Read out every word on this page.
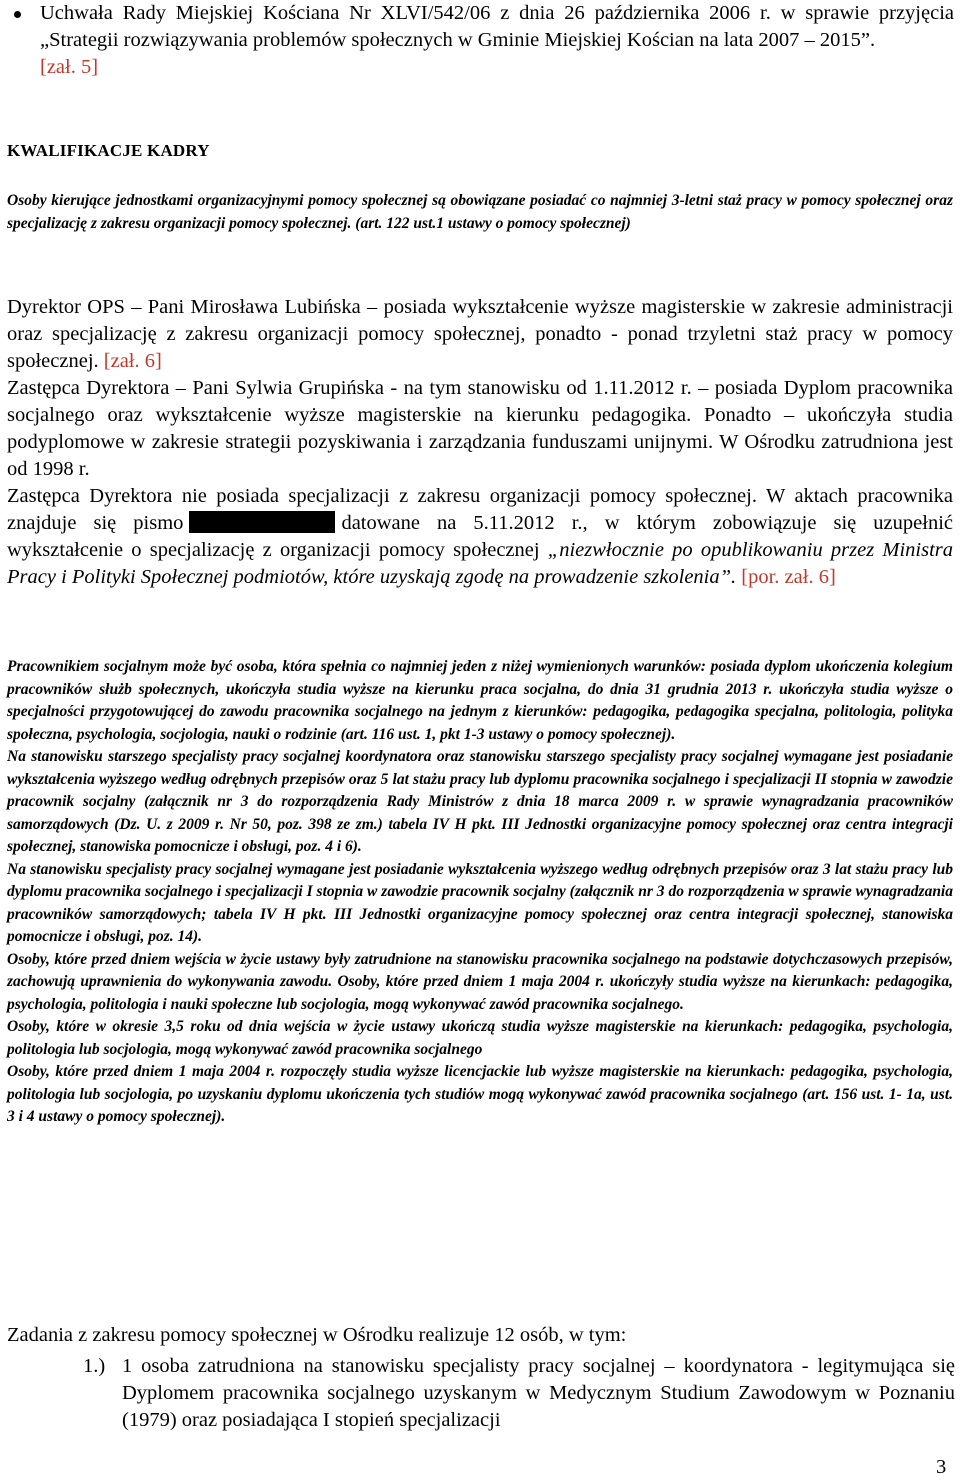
Uchwała Rady Miejskiej Kościana Nr XLVI/542/06 z dnia 26 października 2006 r. w sprawie przyjęcia „Strategii rozwiązywania problemów społecznych w Gminie Miejskiej Kościan na lata 2007 – 2015”.
[zał. 5]
KWALIFIKACJE KADRY
Osoby kierujące jednostkami organizacyjnymi pomocy społecznej są obowiązane posiadać co najmniej 3-letni staż pracy w pomocy społecznej oraz specjalizację z zakresu organizacji pomocy społecznej. (art. 122 ust.1 ustawy o pomocy społecznej)
Dyrektor OPS – Pani Mirosława Lubińska – posiada wykształcenie wyższe magisterskie w zakresie administracji oraz specjalizację z zakresu organizacji pomocy społecznej, ponadto - ponad trzyletni staż pracy w pomocy społecznej. [zał. 6]
Zastępca Dyrektora – Pani Sylwia Grupińska - na tym stanowisku od 1.11.2012 r. – posiada Dyplom pracownika socjalnego oraz wykształcenie wyższe magisterskie na kierunku pedagogika. Ponadto – ukończyła studia podyplomowe w zakresie strategii pozyskiwania i zarządzania funduszami unijnymi. W Ośrodku zatrudniona jest od 1998 r.
Zastępca Dyrektora nie posiada specjalizacji z zakresu organizacji pomocy społecznej. W aktach pracownika znajduje się pismo	datowane na 5.11.2012 r., w którym zobowiązuje się uzupełnić wykształcenie o specjalizację z organizacji pomocy społecznej „niezwłocznie po opublikowaniu przez Ministra Pracy i Polityki Społecznej podmiotów, które uzyskają zgodę na prowadzenie szkolenia”. [por. zał. 6]
Pracownikiem socjalnym może być osoba, która spełnia co najmniej jeden z niżej wymienionych warunków: posiada dyplom ukończenia kolegium pracowników służb społecznych, ukończyła studia wyższe na kierunku praca socjalna, do dnia 31 grudnia 2013 r. ukończyła studia wyższe o specjalności przygotowującej do zawodu pracownika socjalnego na jednym z kierunków: pedagogika, pedagogika specjalna, politologia, polityka społeczna, psychologia, socjologia, nauki o rodzinie (art. 116 ust. 1, pkt 1-3 ustawy o pomocy społecznej).
Na stanowisku starszego specjalisty pracy socjalnej koordynatora oraz stanowisku starszego specjalisty pracy socjalnej wymagane jest posiadanie wykształcenia wyższego według odrębnych przepisów oraz 5 lat stażu pracy lub dyplomu pracownika socjalnego i specjalizacji II stopnia w zawodzie pracownik socjalny (załącznik nr 3 do rozporządzenia Rady Ministrów z dnia 18 marca 2009 r. w sprawie wynagradzania pracowników samorządowych (Dz. U. z 2009 r. Nr 50, poz. 398 ze zm.) tabela IV H pkt. III Jednostki organizacyjne pomocy społecznej oraz centra integracji społecznej, stanowiska pomocnicze i obsługi, poz. 4 i 6).
Na stanowisku specjalisty pracy socjalnej wymagane jest posiadanie wykształcenia wyższego według odrębnych przepisów oraz 3 lat stażu pracy lub dyplomu pracownika socjalnego i specjalizacji I stopnia w zawodzie pracownik socjalny (załącznik nr 3 do rozporządzenia w sprawie wynagradzania pracowników samorządowych; tabela IV H pkt. III Jednostki organizacyjne pomocy społecznej oraz centra integracji społecznej, stanowiska pomocnicze i obsługi, poz. 14).
Osoby, które przed dniem wejścia w życie ustawy były zatrudnione na stanowisku pracownika socjalnego na podstawie dotychczasowych przepisów, zachowują uprawnienia do wykonywania zawodu. Osoby, które przed dniem 1 maja 2004 r. ukończyły studia wyższe na kierunkach: pedagogika, psychologia, politologia i nauki społeczne lub socjologia, mogą wykonywać zawód pracownika socjalnego.
Osoby, które w okresie 3,5 roku od dnia wejścia w życie ustawy ukończą studia wyższe magisterskie na kierunkach: pedagogika, psychologia, politologia lub socjologia, mogą wykonywać zawód pracownika socjalnego
Osoby, które przed dniem 1 maja 2004 r. rozpoczęły studia wyższe licencjackie lub wyższe magisterskie na kierunkach: pedagogika, psychologia, politologia lub socjologia, po uzyskaniu dyplomu ukończenia tych studiów mogą wykonywać zawód pracownika socjalnego (art. 156 ust. 1- 1a, ust. 3 i 4 ustawy o pomocy społecznej).
Zadania z zakresu pomocy społecznej w Ośrodku realizuje 12 osób, w tym:
1.) 1 osoba zatrudniona na stanowisku specjalisty pracy socjalnej – koordynatora - legitymująca się Dyplomem pracownika socjalnego uzyskanym w Medycznym Studium Zawodowym w Poznaniu (1979) oraz posiadająca I stopień specjalizacji
3
